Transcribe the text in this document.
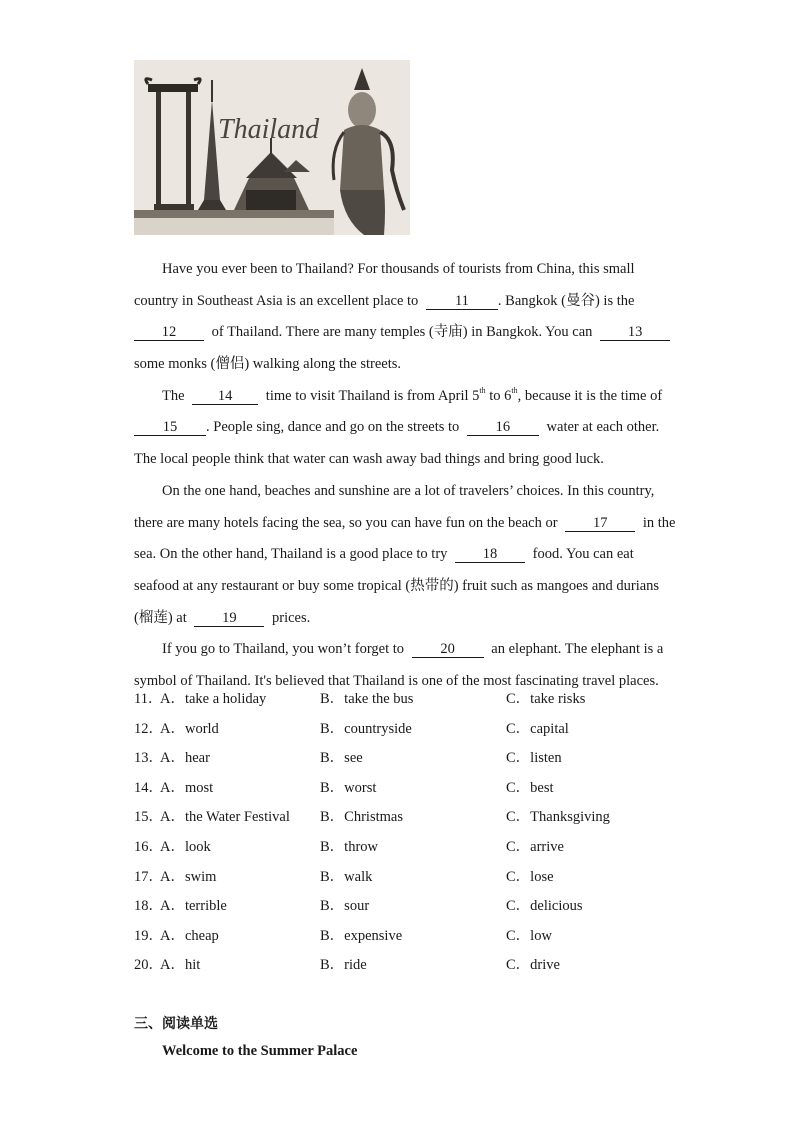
Thailand
Have you ever been to Thailand? For thousands of tourists from China, this small
country in Southeast Asia is an excellent place to	11 . Bangkok (曼谷) is the
12 of Thailand. There are many temples (寺庙) in Bangkok. You can 13
some monks (僧侣) walking along the streets.
The 14 time to visit Thailand is from April 5th to 6th, because it is the time of
15 . People sing, dance and go on the streets to	16	water at each other.
The local people think that water can wash away bad things and bring good luck.
On the one hand, beaches and sunshine are a lot of travelers’ choices. In this country,
there are many hotels facing the sea, so you can have fun on the beach or 17 in the
sea. On the other hand, Thailand is a good place to try 18 food. You can eat
seafood at any restaurant or buy some tropical (热带的) fruit such as mangoes and durians
(榴莲) at 19 prices.
If you go to Thailand, you won’t forget to	20	an elephant. The elephant is a
symbol of Thailand. It's believed that Thailand is one of the most fascinating travel places.
11．
A．take a holiday	B．take the bus	C．take risks
12．
A．world	B．countryside	C．capital
13．
A．hear	B．see	C．listen
14．
A．most	B．worst	C．best
15．
A．the Water Festival B．Christmas	C．Thanksgiving
16．
A．look	B．throw	C．arrive
17．
A．swim	B．walk	C．lose
18．
A．terrible	B．sour	C．delicious
19．
A．cheap	B．expensive	C．low
20．
A．hit	B．ride	C．drive
三、阅读单选
Welcome to the Summer Palace
